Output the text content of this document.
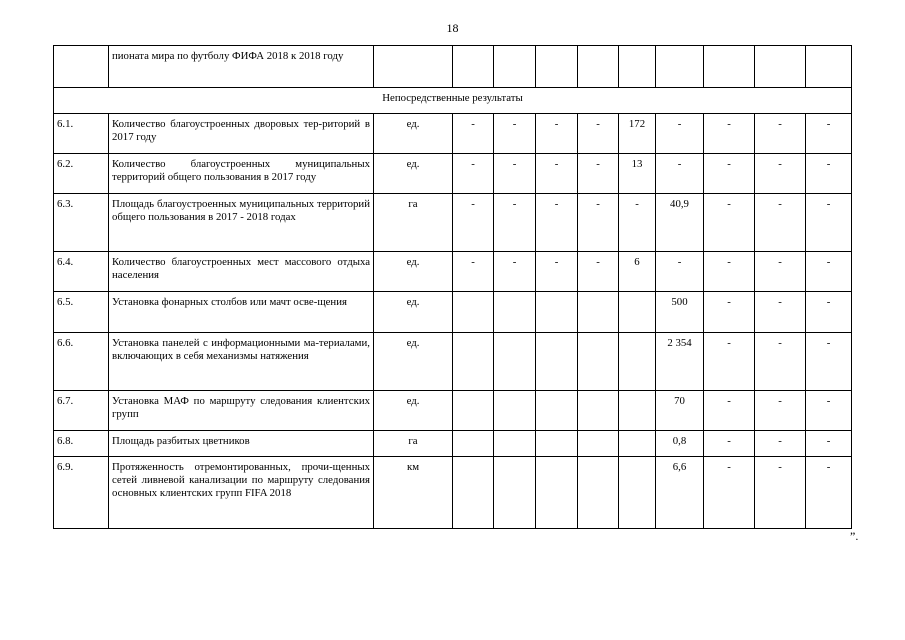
18
	пионата мира по футболу ФИФА 2018 к 2018 году										
Непосредственные результаты											
6.1.	Количество благоустроенных дворовых тер-риторий в 2017 году	ед.	-	-	-	-	172	-	-	-	-
6.2.	Количество благоустроенных муниципальных территорий общего пользования в 2017 году	ед.	-	-	-	-	13	-	-	-	-
6.3.	Площадь благоустроенных муниципальных территорий общего пользования в 2017 - 2018 годах	га	-	-	-	-	-	40,9	-	-	-
6.4.	Количество благоустроенных мест массового отдыха населения	ед.	-	-	-	-	6	-	-	-	-
6.5.	Установка фонарных столбов или мачт осве-щения	ед.						500	-	-	-
6.6.	Установка панелей с информационными ма-териалами, включающих в себя механизмы натяжения	ед.						2 354	-	-	-
6.7.	Установка МАФ по маршруту следования клиентских групп	ед.						70	-	-	-
6.8.	Площадь разбитых цветников	га						0,8	-	-	-
6.9.	Протяженность отремонтированных, прочи-щенных сетей ливневой канализации по маршруту следования основных клиентских групп FIFA 2018	км						6,6	-	-	-
”.
